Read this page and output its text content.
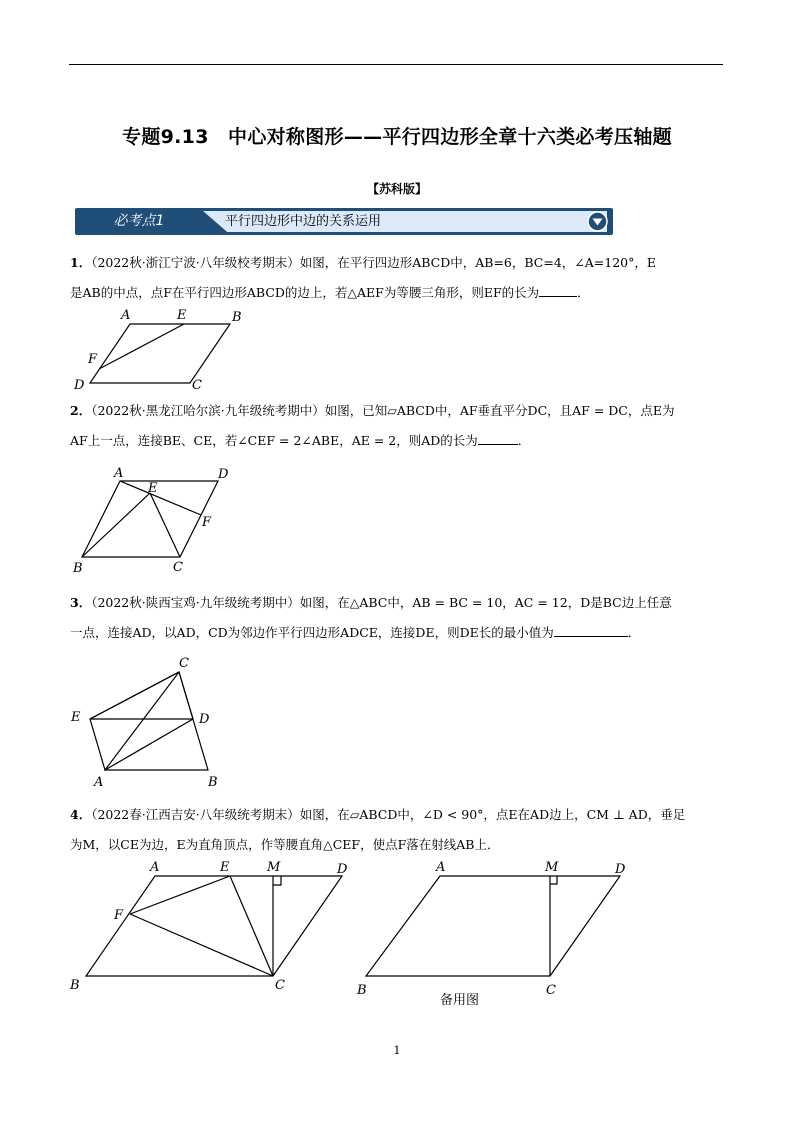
专题9.13　中心对称图形——平行四边形全章十六类必考压轴题
【苏科版】
必考点1	平行四边形中边的关系运用
1．（2022秋·浙江宁波·八年级校考期末）如图，在平行四边形ABCD中，AB=6，BC=4，∠A=120°，E
是AB的中点，点F在平行四边形ABCD的边上，若△AEF为等腰三角形，则EF的长为	．
A	E	B
F
D	C
2．（2022秋·黑龙江哈尔滨·九年级统考期中）如图，已知▱ABCD中，AF垂直平分DC，且AF = DC，点E为
AF上一点，连接BE、CE，若∠CEF = 2∠ABE，AE = 2，则AD的长为	．
A	D
E
F
B	C
3．（2022秋·陕西宝鸡·九年级统考期中）如图，在△ABC中，AB = BC = 10，AC = 12，D是BC边上任意
一点，连接AD，以AD，CD为邻边作平行四边形ADCE，连接DE，则DE长的最小值为	．
C
E	D
A	B
4．（2022春·江西吉安·八年级统考期末）如图，在▱ABCD中，∠D < 90°，点E在AD边上，CM ⊥ AD，垂足
为M，以CE为边，E为直角顶点，作等腰直角△CEF，使点F落在射线AB上．
A	E	M	D
F
B	C
A	M	D
B	C
备用图
1
